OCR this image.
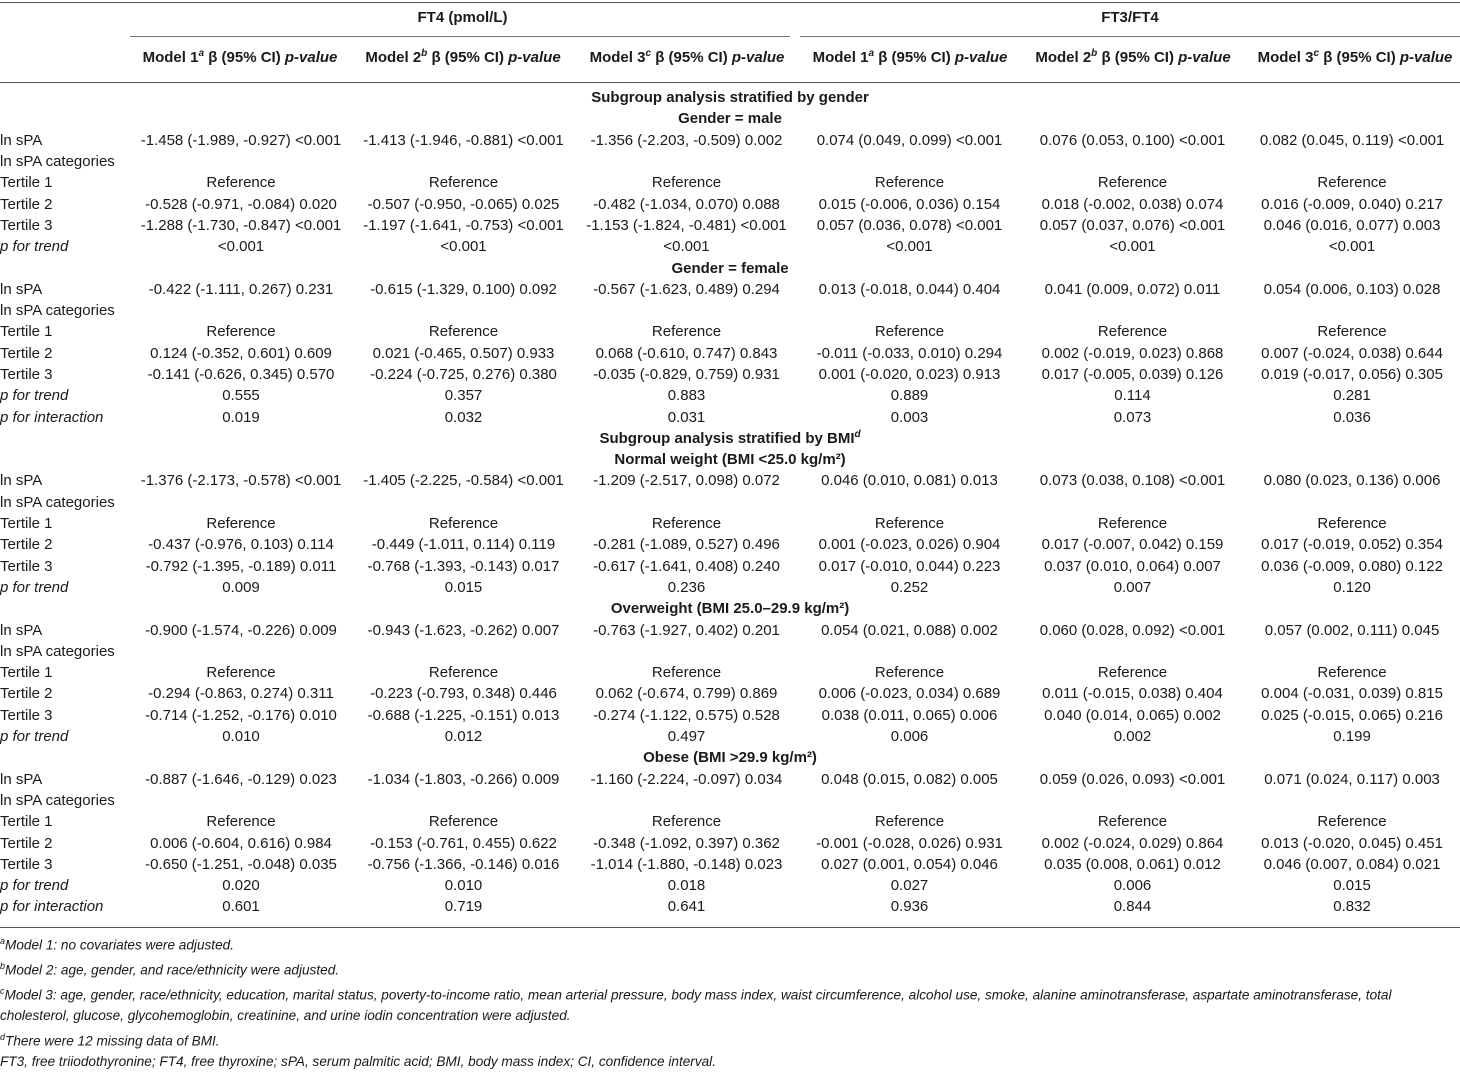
FT4 (pmol/L)	FT3/FT4
Model 1$^a$ β (95% CI) p-value	Model 2$^b$ β (95% CI) p-value	Model 3$^c$ β (95% CI) p-value	Model 1$^a$ β (95% CI) p-value	Model 2$^b$ β (95% CI) p-value	Model 3$^c$ β (95% CI) p-value
Subgroup analysis stratified by gender						
Gender = male						
ln sPA	-1.458 (-1.989, -0.927) <0.001	-1.413 (-1.946, -0.881) <0.001	-1.356 (-2.203, -0.509) 0.002	0.074 (0.049, 0.099) <0.001	0.076 (0.053, 0.100) <0.001	0.082 (0.045, 0.119) <0.001
ln sPA categories						
Tertile 1	Reference	Reference	Reference	Reference	Reference	Reference
Tertile 2	-0.528 (-0.971, -0.084) 0.020	-0.507 (-0.950, -0.065) 0.025	-0.482 (-1.034, 0.070) 0.088	0.015 (-0.006, 0.036) 0.154	0.018 (-0.002, 0.038) 0.074	0.016 (-0.009, 0.040) 0.217
Tertile 3	-1.288 (-1.730, -0.847) <0.001	-1.197 (-1.641, -0.753) <0.001	-1.153 (-1.824, -0.481) <0.001	0.057 (0.036, 0.078) <0.001	0.057 (0.037, 0.076) <0.001	0.046 (0.016, 0.077) 0.003
p for trend	<0.001	<0.001	<0.001	<0.001	<0.001	<0.001
Gender = female						
ln sPA	-0.422 (-1.111, 0.267) 0.231	-0.615 (-1.329, 0.100) 0.092	-0.567 (-1.623, 0.489) 0.294	0.013 (-0.018, 0.044) 0.404	0.041 (0.009, 0.072) 0.011	0.054 (0.006, 0.103) 0.028
ln sPA categories						
Tertile 1	Reference	Reference	Reference	Reference	Reference	Reference
Tertile 2	0.124 (-0.352, 0.601) 0.609	0.021 (-0.465, 0.507) 0.933	0.068 (-0.610, 0.747) 0.843	-0.011 (-0.033, 0.010) 0.294	0.002 (-0.019, 0.023) 0.868	0.007 (-0.024, 0.038) 0.644
Tertile 3	-0.141 (-0.626, 0.345) 0.570	-0.224 (-0.725, 0.276) 0.380	-0.035 (-0.829, 0.759) 0.931	0.001 (-0.020, 0.023) 0.913	0.017 (-0.005, 0.039) 0.126	0.019 (-0.017, 0.056) 0.305
p for trend	0.555	0.357	0.883	0.889	0.114	0.281
p for interaction	0.019	0.032	0.031	0.003	0.073	0.036
Subgroup analysis stratified by BMI$^d$
Normal weight (BMI <25.0 kg/m²)						
ln sPA	-1.376 (-2.173, -0.578) <0.001	-1.405 (-2.225, -0.584) <0.001	-1.209 (-2.517, 0.098) 0.072	0.046 (0.010, 0.081) 0.013	0.073 (0.038, 0.108) <0.001	0.080 (0.023, 0.136) 0.006
ln sPA categories						
Tertile 1	Reference	Reference	Reference	Reference	Reference	Reference
Tertile 2	-0.437 (-0.976, 0.103) 0.114	-0.449 (-1.011, 0.114) 0.119	-0.281 (-1.089, 0.527) 0.496	0.001 (-0.023, 0.026) 0.904	0.017 (-0.007, 0.042) 0.159	0.017 (-0.019, 0.052) 0.354
Tertile 3	-0.792 (-1.395, -0.189) 0.011	-0.768 (-1.393, -0.143) 0.017	-0.617 (-1.641, 0.408) 0.240	0.017 (-0.010, 0.044) 0.223	0.037 (0.010, 0.064) 0.007	0.036 (-0.009, 0.080) 0.122
p for trend	0.009	0.015	0.236	0.252	0.007	0.120
Overweight (BMI 25.0–29.9 kg/m²)						
ln sPA	-0.900 (-1.574, -0.226) 0.009	-0.943 (-1.623, -0.262) 0.007	-0.763 (-1.927, 0.402) 0.201	0.054 (0.021, 0.088) 0.002	0.060 (0.028, 0.092) <0.001	0.057 (0.002, 0.111) 0.045
ln sPA categories						
Tertile 1	Reference	Reference	Reference	Reference	Reference	Reference
Tertile 2	-0.294 (-0.863, 0.274) 0.311	-0.223 (-0.793, 0.348) 0.446	0.062 (-0.674, 0.799) 0.869	0.006 (-0.023, 0.034) 0.689	0.011 (-0.015, 0.038) 0.404	0.004 (-0.031, 0.039) 0.815
Tertile 3	-0.714 (-1.252, -0.176) 0.010	-0.688 (-1.225, -0.151) 0.013	-0.274 (-1.122, 0.575) 0.528	0.038 (0.011, 0.065) 0.006	0.040 (0.014, 0.065) 0.002	0.025 (-0.015, 0.065) 0.216
p for trend	0.010	0.012	0.497	0.006	0.002	0.199
Obese (BMI >29.9 kg/m²)						
ln sPA	-0.887 (-1.646, -0.129) 0.023	-1.034 (-1.803, -0.266) 0.009	-1.160 (-2.224, -0.097) 0.034	0.048 (0.015, 0.082) 0.005	0.059 (0.026, 0.093) <0.001	0.071 (0.024, 0.117) 0.003
ln sPA categories						
Tertile 1	Reference	Reference	Reference	Reference	Reference	Reference
Tertile 2	0.006 (-0.604, 0.616) 0.984	-0.153 (-0.761, 0.455) 0.622	-0.348 (-1.092, 0.397) 0.362	-0.001 (-0.028, 0.026) 0.931	0.002 (-0.024, 0.029) 0.864	0.013 (-0.020, 0.045) 0.451
Tertile 3	-0.650 (-1.251, -0.048) 0.035	-0.756 (-1.366, -0.146) 0.016	-1.014 (-1.880, -0.148) 0.023	0.027 (0.001, 0.054) 0.046	0.035 (0.008, 0.061) 0.012	0.046 (0.007, 0.084) 0.021
p for trend	0.020	0.010	0.018	0.027	0.006	0.015
p for interaction	0.601	0.719	0.641	0.936	0.844	0.832
$^a$Model 1: no covariates were adjusted.
$^b$Model 2: age, gender, and race/ethnicity were adjusted.
$^c$Model 3: age, gender, race/ethnicity, education, marital status, poverty-to-income ratio, mean arterial pressure, body mass index, waist circumference, alcohol use, smoke, alanine aminotransferase, aspartate aminotransferase, total cholesterol, glucose, glycohemoglobin, creatinine, and urine iodin concentration were adjusted.
$^d$There were 12 missing data of BMI.
FT3, free triiodothyronine; FT4, free thyroxine; sPA, serum palmitic acid; BMI, body mass index; CI, confidence interval.
